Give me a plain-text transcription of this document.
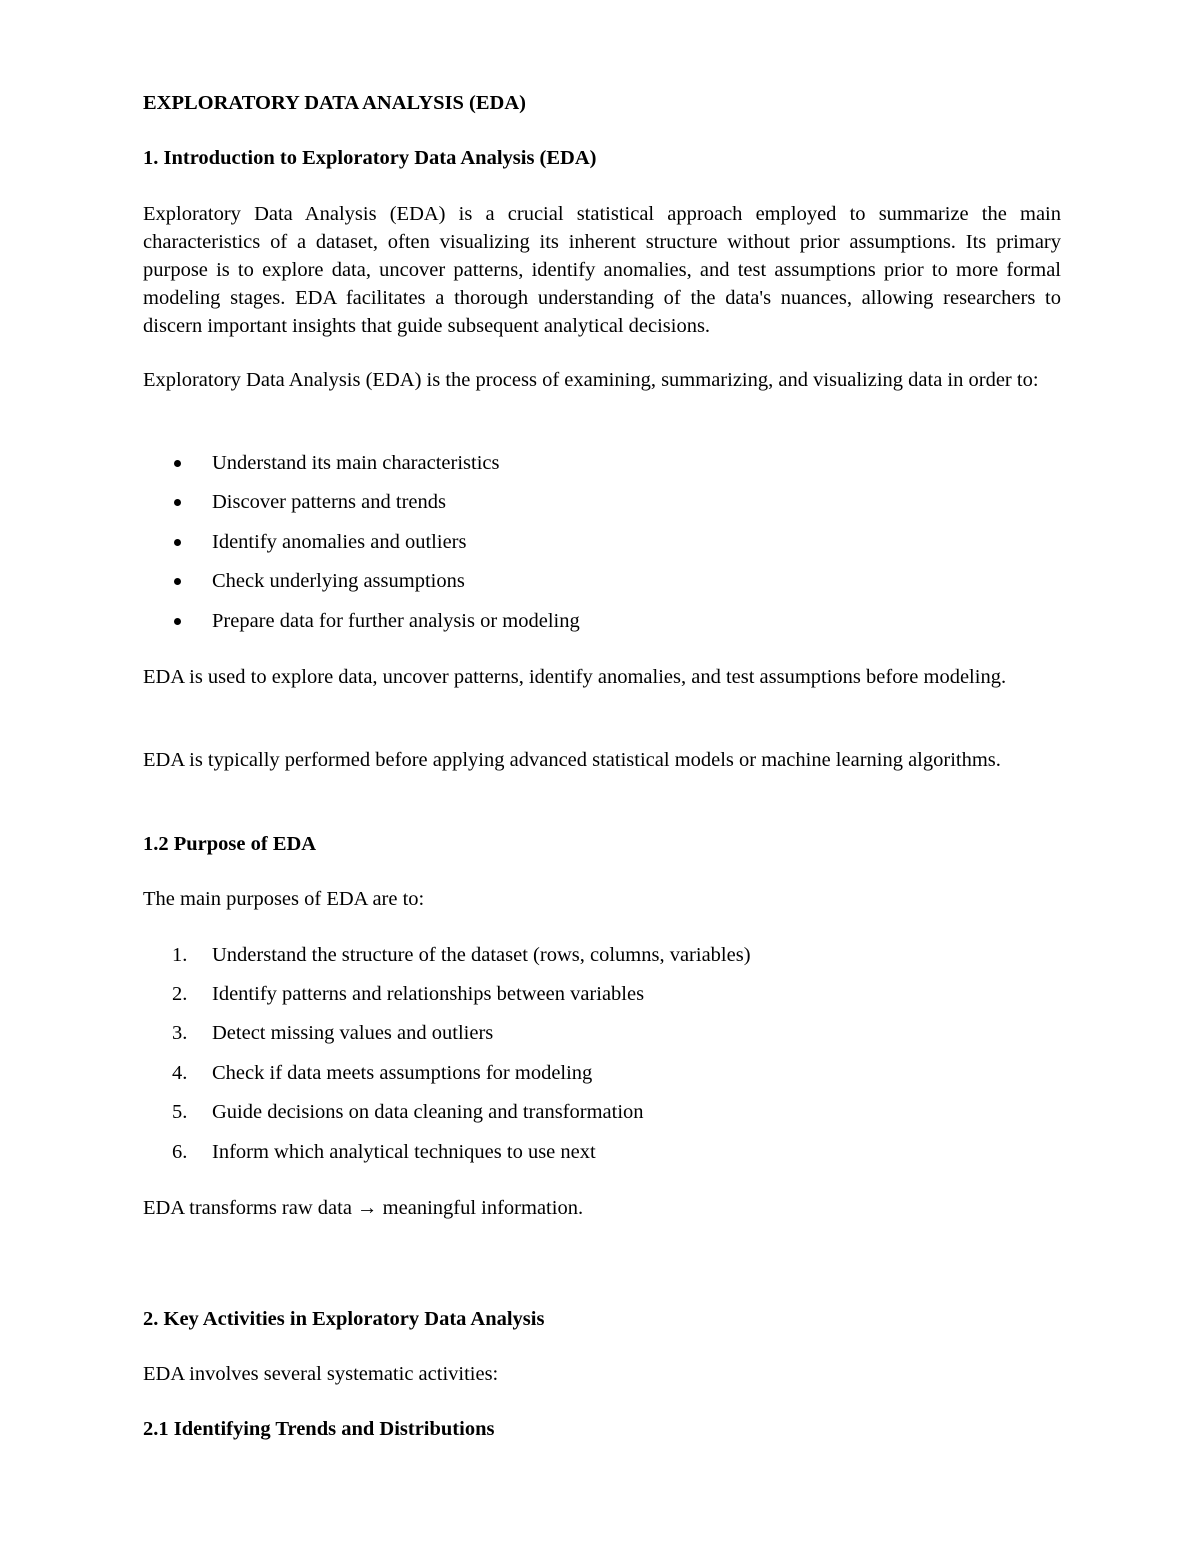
EXPLORATORY DATA ANALYSIS (EDA)

1. Introduction to Exploratory Data Analysis (EDA)

Exploratory Data Analysis (EDA) is a crucial statistical approach employed to summarize the main characteristics of a dataset, often visualizing its inherent structure without prior assumptions. Its primary purpose is to explore data, uncover patterns, identify anomalies, and test assumptions prior to more formal modeling stages. EDA facilitates a thorough understanding of the data's nuances, allowing researchers to discern important insights that guide subsequent analytical decisions.

Exploratory Data Analysis (EDA) is the process of examining, summarizing, and visualizing data in order to:

Understand its main characteristics

Discover patterns and trends

Identify anomalies and outliers

Check underlying assumptions

Prepare data for further analysis or modeling

EDA is used to explore data, uncover patterns, identify anomalies, and test assumptions before modeling.

EDA is typically performed before applying advanced statistical models or machine learning algorithms.

1.2 Purpose of EDA

The main purposes of EDA are to:

1. Understand the structure of the dataset (rows, columns, variables)

2. Identify patterns and relationships between variables

3. Detect missing values and outliers

4. Check if data meets assumptions for modeling

5. Guide decisions on data cleaning and transformation

6. Inform which analytical techniques to use next

EDA transforms raw data → meaningful information.

2. Key Activities in Exploratory Data Analysis

EDA involves several systematic activities:

2.1 Identifying Trends and Distributions
